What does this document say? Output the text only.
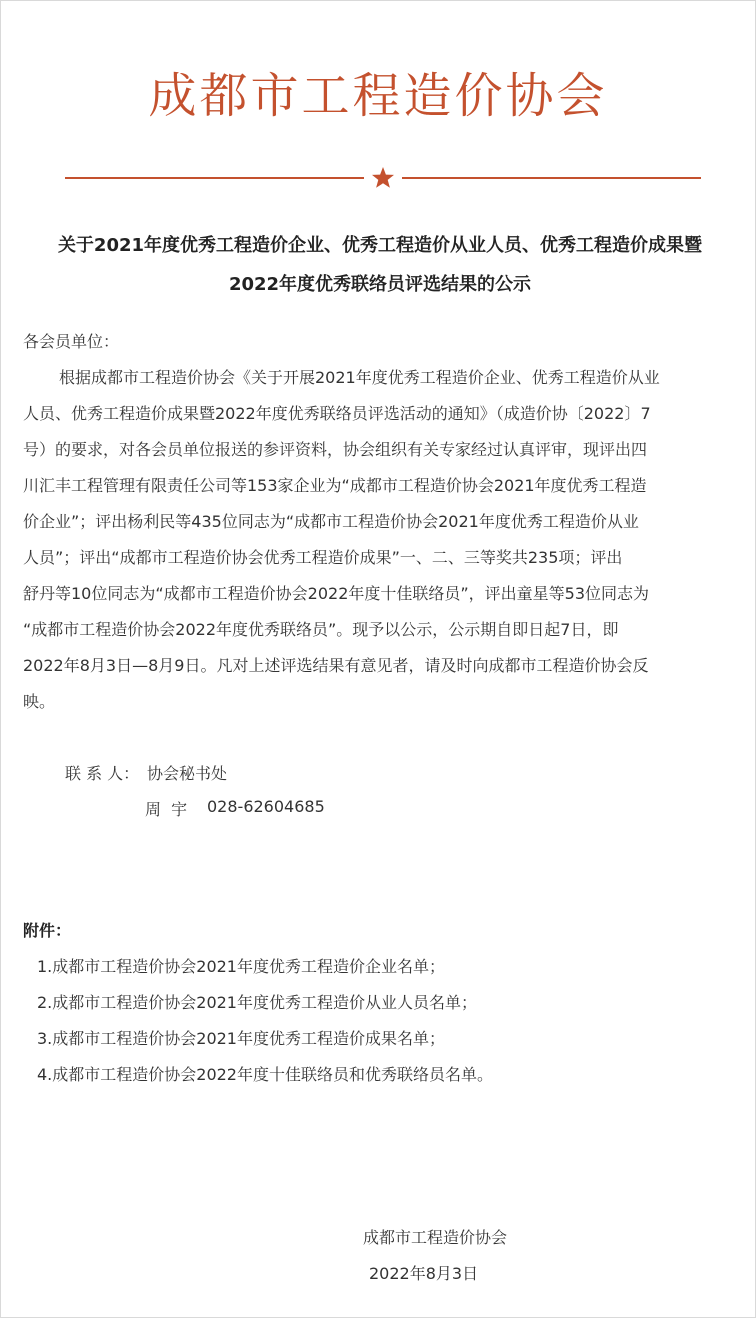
成都市工程造价协会
关于2021年度优秀工程造价企业、优秀工程造价从业人员、优秀工程造价成果暨
2022年度优秀联络员评选结果的公示
各会员单位：
根据成都市工程造价协会《关于开展2021年度优秀工程造价企业、优秀工程造价从业
人员、优秀工程造价成果暨2022年度优秀联络员评选活动的通知》（成造价协〔2022〕7
号）的要求，对各会员单位报送的参评资料，协会组织有关专家经过认真评审，现评出四
川汇丰工程管理有限责任公司等153家企业为“成都市工程造价协会2021年度优秀工程造
价企业”；评出杨利民等435位同志为“成都市工程造价协会2021年度优秀工程造价从业
人员”；评出“成都市工程造价协会优秀工程造价成果”一、二、三等奖共235项；评出
舒丹等10位同志为“成都市工程造价协会2022年度十佳联络员”，评出童星等53位同志为
“成都市工程造价协会2022年度优秀联络员”。现予以公示，公示期自即日起7日，即
2022年8月3日—8月9日。凡对上述评选结果有意见者，请及时向成都市工程造价协会反
映。
联 系 人： 协会秘书处
周  宇 028-62604685
附件：
1.成都市工程造价协会2021年度优秀工程造价企业名单；
2.成都市工程造价协会2021年度优秀工程造价从业人员名单；
3.成都市工程造价协会2021年度优秀工程造价成果名单；
4.成都市工程造价协会2022年度十佳联络员和优秀联络员名单。
成都市工程造价协会
2022年8月3日
